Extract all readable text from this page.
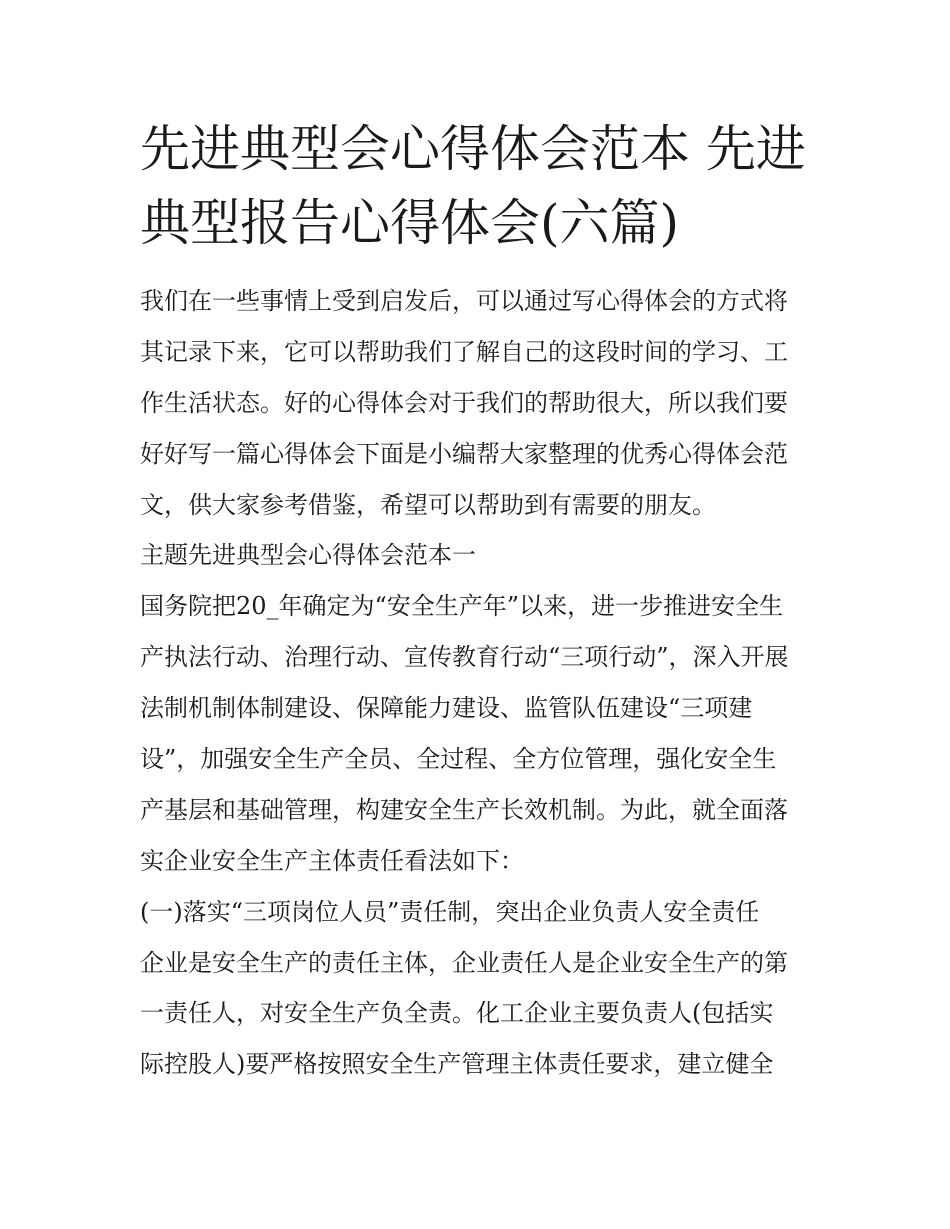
先进典型会心得体会范本 先进
典型报告心得体会(六篇)
我们在一些事情上受到启发后，可以通过写心得体会的方式将
其记录下来，它可以帮助我们了解自己的这段时间的学习、工
作生活状态。好的心得体会对于我们的帮助很大，所以我们要
好好写一篇心得体会下面是小编帮大家整理的优秀心得体会范
文，供大家参考借鉴，希望可以帮助到有需要的朋友。
主题先进典型会心得体会范本一
国务院把20_年确定为“安全生产年”以来，进一步推进安全生
产执法行动、治理行动、宣传教育行动“三项行动”，深入开展
法制机制体制建设、保障能力建设、监管队伍建设“三项建
设”，加强安全生产全员、全过程、全方位管理，强化安全生
产基层和基础管理，构建安全生产长效机制。为此，就全面落
实企业安全生产主体责任看法如下：
(一)落实“三项岗位人员”责任制，突出企业负责人安全责任
企业是安全生产的责任主体，企业责任人是企业安全生产的第
一责任人，对安全生产负全责。化工企业主要负责人(包括实
际控股人)要严格按照安全生产管理主体责任要求，建立健全
